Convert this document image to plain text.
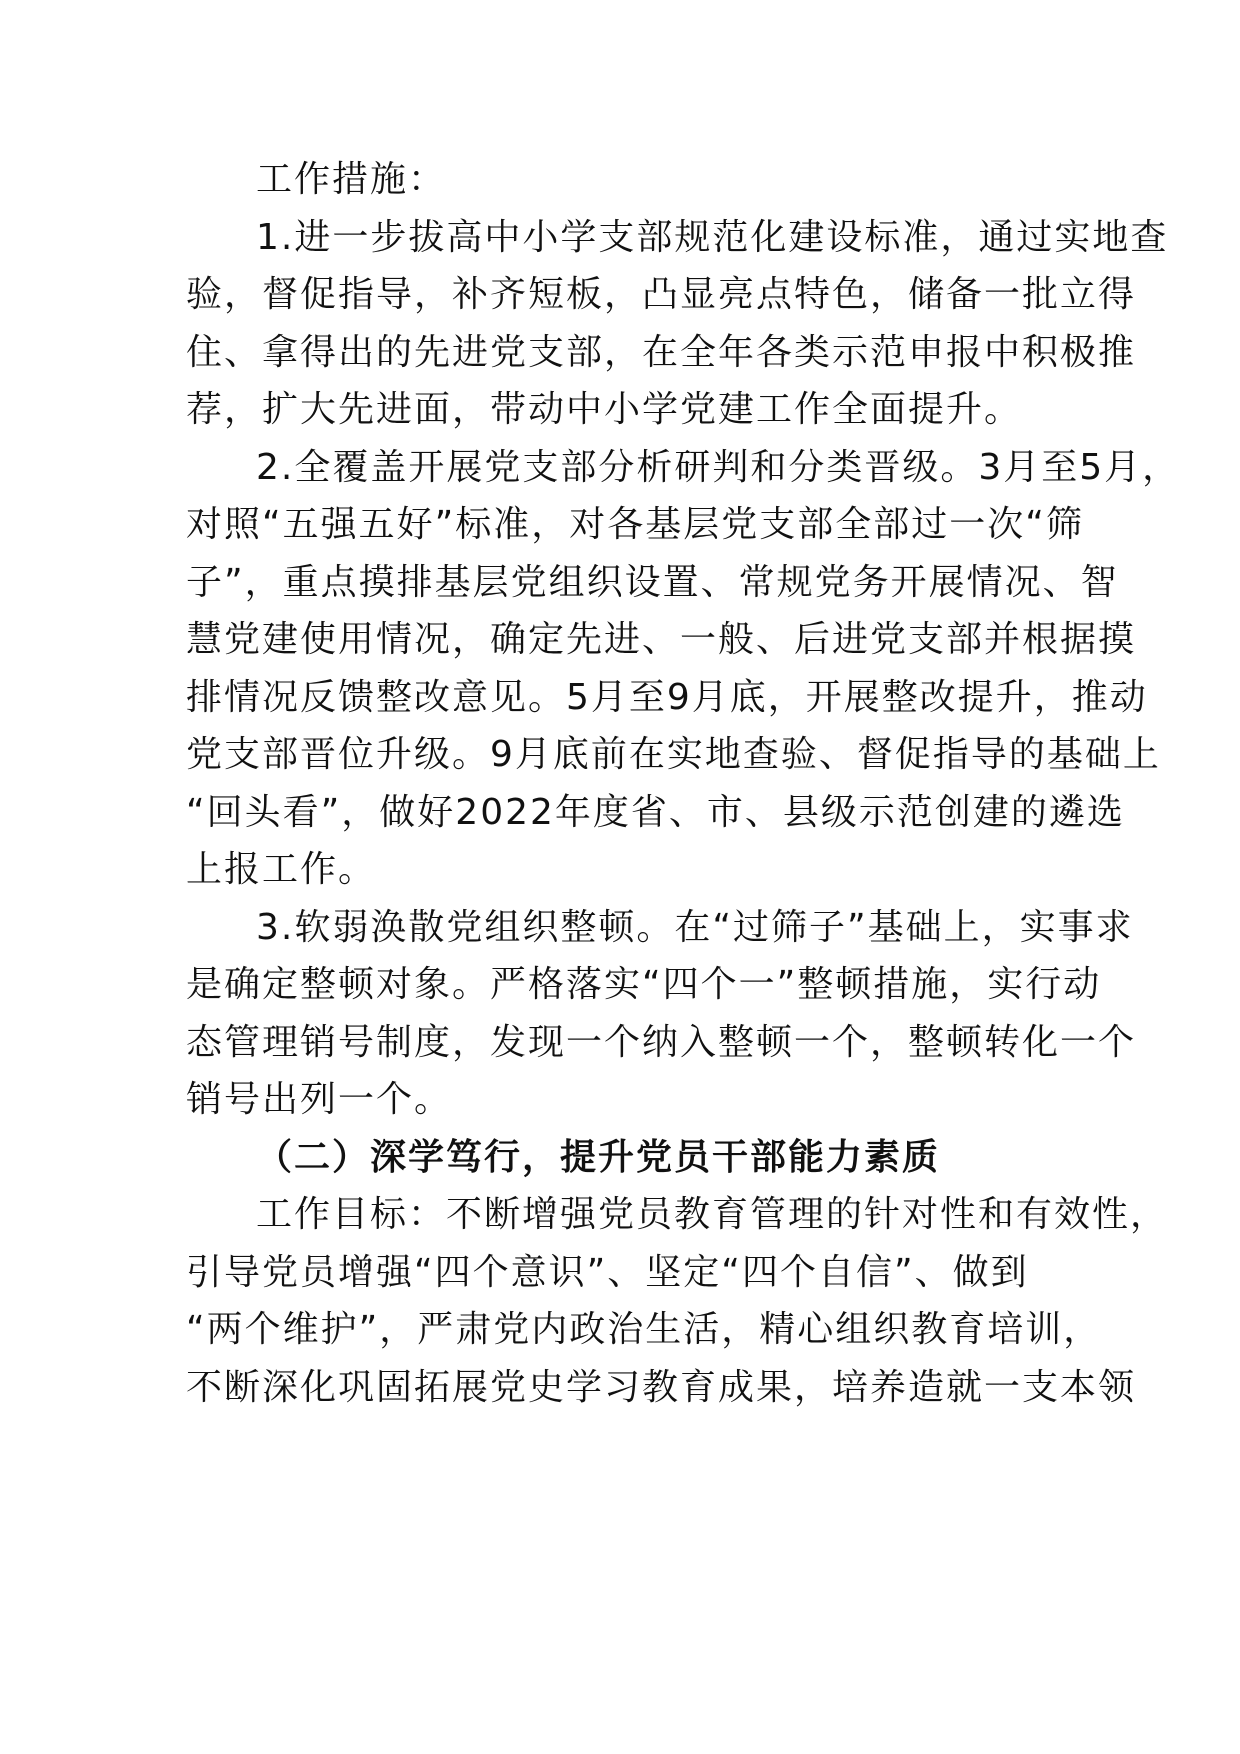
工作措施：
1.进一步拔高中小学支部规范化建设标准，通过实地查
验，督促指导，补齐短板，凸显亮点特色，储备一批立得
住、拿得出的先进党支部，在全年各类示范申报中积极推
荐，扩大先进面，带动中小学党建工作全面提升。
2.全覆盖开展党支部分析研判和分类晋级。3月至5月，
对照“五强五好”标准，对各基层党支部全部过一次“筛
子”，重点摸排基层党组织设置、常规党务开展情况、智
慧党建使用情况，确定先进、一般、后进党支部并根据摸
排情况反馈整改意见。5月至9月底，开展整改提升，推动
党支部晋位升级。9月底前在实地查验、督促指导的基础上
“回头看”，做好2022年度省、市、县级示范创建的遴选
上报工作。
3.软弱涣散党组织整顿。在“过筛子”基础上，实事求
是确定整顿对象。严格落实“四个一”整顿措施，实行动
态管理销号制度，发现一个纳入整顿一个，整顿转化一个
销号出列一个。
（二）深学笃行，提升党员干部能力素质
工作目标：不断增强党员教育管理的针对性和有效性，
引导党员增强“四个意识”、坚定“四个自信”、做到
“两个维护”，严肃党内政治生活，精心组织教育培训，
不断深化巩固拓展党史学习教育成果，培养造就一支本领
